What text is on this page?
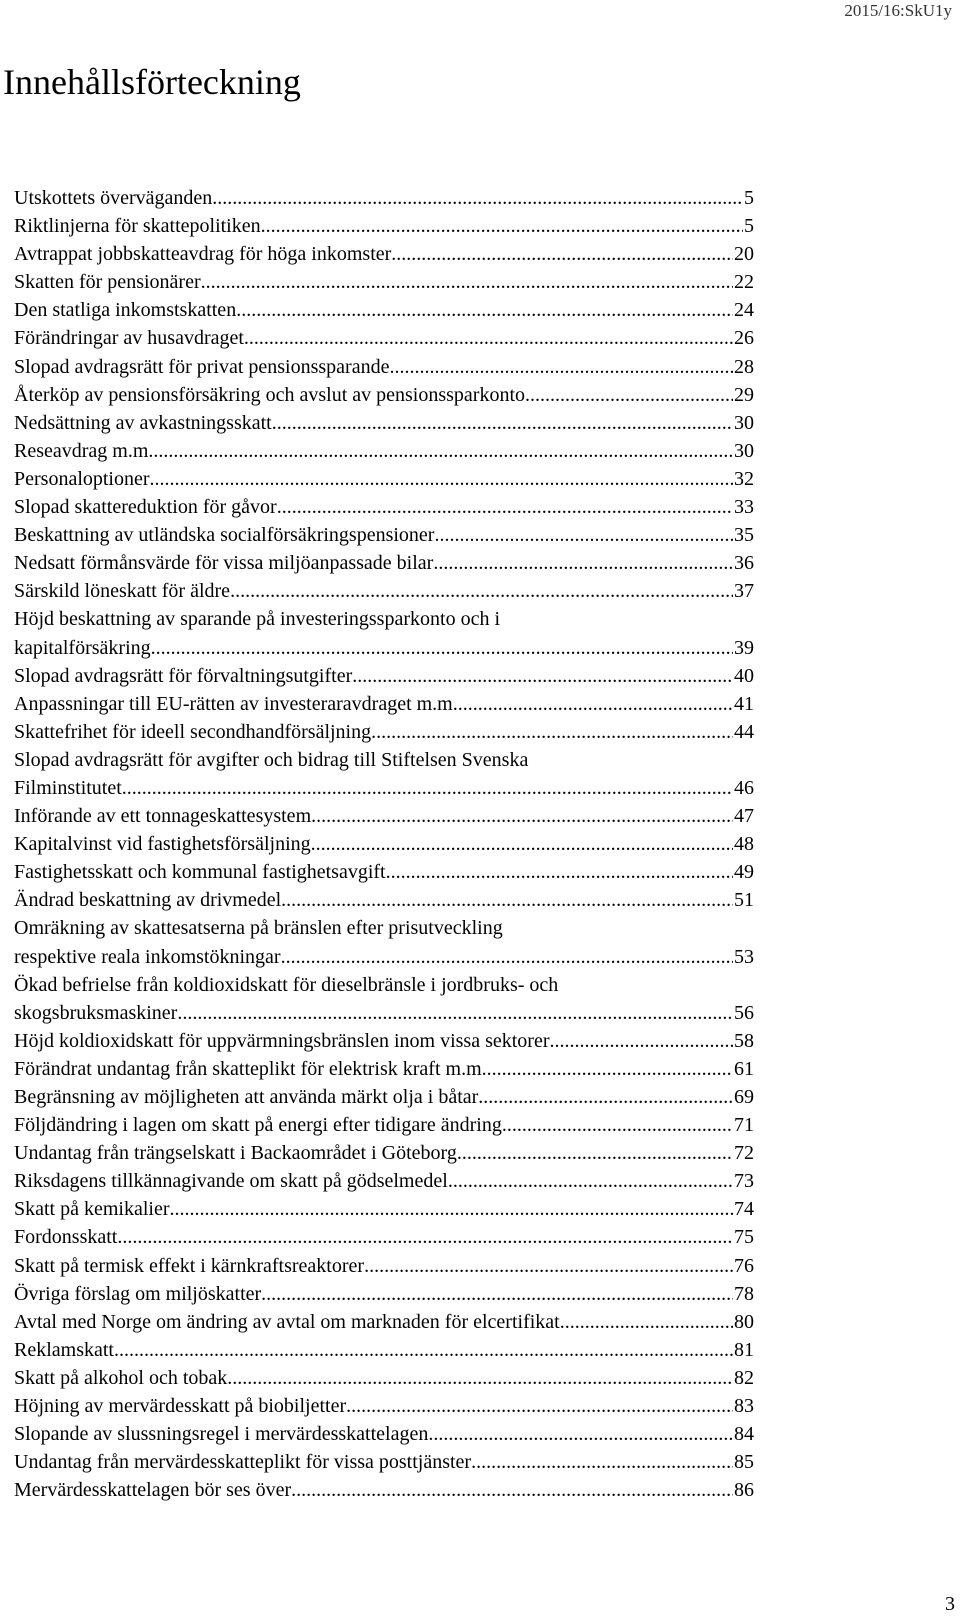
2015/16:SkU1y
Innehållsförteckning
Utskottets överväganden .....	5
Riktlinjerna för skattepolitiken .....	5
Avtrappat jobbskatteavdrag för höga inkomster .....	20
Skatten för pensionärer .....	22
Den statliga inkomstskatten .....	24
Förändringar av husavdraget .....	26
Slopad avdragsrätt för privat pensionssparande .....	28
Återköp av pensionsförsäkring och avslut av pensionssparkonto .....	29
Nedsättning av avkastningsskatt .....	30
Reseavdrag m.m. .....	30
Personaloptioner .....	32
Slopad skattereduktion för gåvor .....	33
Beskattning av utländska socialförsäkringspensioner .....	35
Nedsatt förmånsvärde för vissa miljöanpassade bilar .....	36
Särskild löneskatt för äldre .....	37
Höjd beskattning av sparande på investeringssparkonto och i
kapitalförsäkring .....	39
Slopad avdragsrätt för förvaltningsutgifter .....	40
Anpassningar till EU-rätten av investeraravdraget m.m. .....	41
Skattefrihet för ideell secondhandförsäljning .....	44
Slopad avdragsrätt för avgifter och bidrag till Stiftelsen Svenska
Filminstitutet .....	46
Införande av ett tonnageskattesystem .....	47
Kapitalvinst vid fastighetsförsäljning .....	48
Fastighetsskatt och kommunal fastighetsavgift .....	49
Ändrad beskattning av drivmedel .....	51
Omräkning av skattesatserna på bränslen efter prisutveckling
respektive reala inkomstökningar .....	53
Ökad befrielse från koldioxidskatt för dieselbränsle i jordbruks- och
skogsbruksmaskiner .....	56
Höjd koldioxidskatt för uppvärmningsbränslen inom vissa sektorer .....	58
Förändrat undantag från skatteplikt för elektrisk kraft m.m. .....	61
Begränsning av möjligheten att använda märkt olja i båtar .....	69
Följdändring i lagen om skatt på energi efter tidigare ändring .....	71
Undantag från trängselskatt i Backaområdet i Göteborg .....	72
Riksdagens tillkännagivande om skatt på gödselmedel .....	73
Skatt på kemikalier .....	74
Fordonsskatt .....	75
Skatt på termisk effekt i kärnkraftsreaktorer .....	76
Övriga förslag om miljöskatter .....	78
Avtal med Norge om ändring av avtal om marknaden för elcertifikat .....	80
Reklamskatt .....	81
Skatt på alkohol och tobak .....	82
Höjning av mervärdesskatt på biobiljetter .....	83
Slopande av slussningsregel i mervärdesskattelagen .....	84
Undantag från mervärdesskatteplikt för vissa posttjänster .....	85
Mervärdesskattelagen bör ses över .....	86
3
